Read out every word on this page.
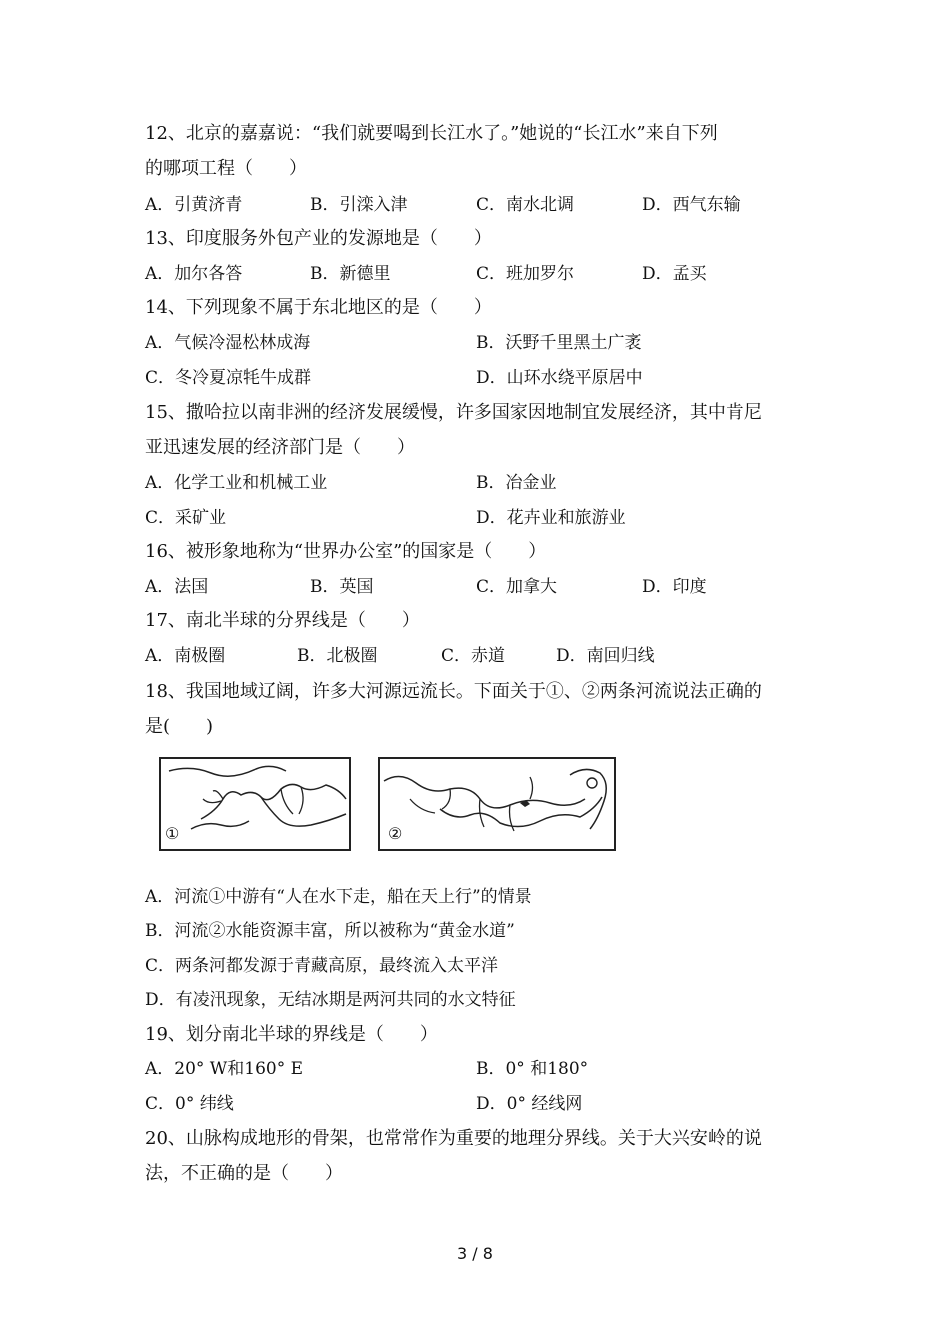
12、北京的嘉嘉说：“我们就要喝到长江水了。”她说的“长江水”来自下列
的哪项工程（　　）
A．引黄济青	B．引滦入津	C．南水北调	D．西气东输
13、印度服务外包产业的发源地是（　　）
A．加尔各答	B．新德里	C．班加罗尔	D．孟买
14、下列现象不属于东北地区的是（　　）
A．气候冷湿松林成海	B．沃野千里黑土广袤
C．冬冷夏凉牦牛成群	D．山环水绕平原居中
15、撒哈拉以南非洲的经济发展缓慢，许多国家因地制宜发展经济，其中肯尼
亚迅速发展的经济部门是（　　）
A．化学工业和机械工业	B．冶金业
C．采矿业	D．花卉业和旅游业
16、被形象地称为“世界办公室”的国家是（　　）
A．法国	B．英国	C．加拿大	D．印度
17、南北半球的分界线是（　　）
A．南极圈	B．北极圈	C．赤道	D．南回归线
18、我国地域辽阔，许多大河源远流长。下面关于①、②两条河流说法正确的
是(　　)
①	②
A．河流①中游有“人在水下走，船在天上行”的情景
B．河流②水能资源丰富，所以被称为“黄金水道”
C．两条河都发源于青藏高原，最终流入太平洋
D．有凌汛现象，无结冰期是两河共同的水文特征
19、划分南北半球的界线是（　　）
A．20° W和160° E	B．0° 和180°
C．0° 纬线	D．0° 经线网
20、山脉构成地形的骨架，也常常作为重要的地理分界线。关于大兴安岭的说
法，不正确的是（　　）
3 / 8
